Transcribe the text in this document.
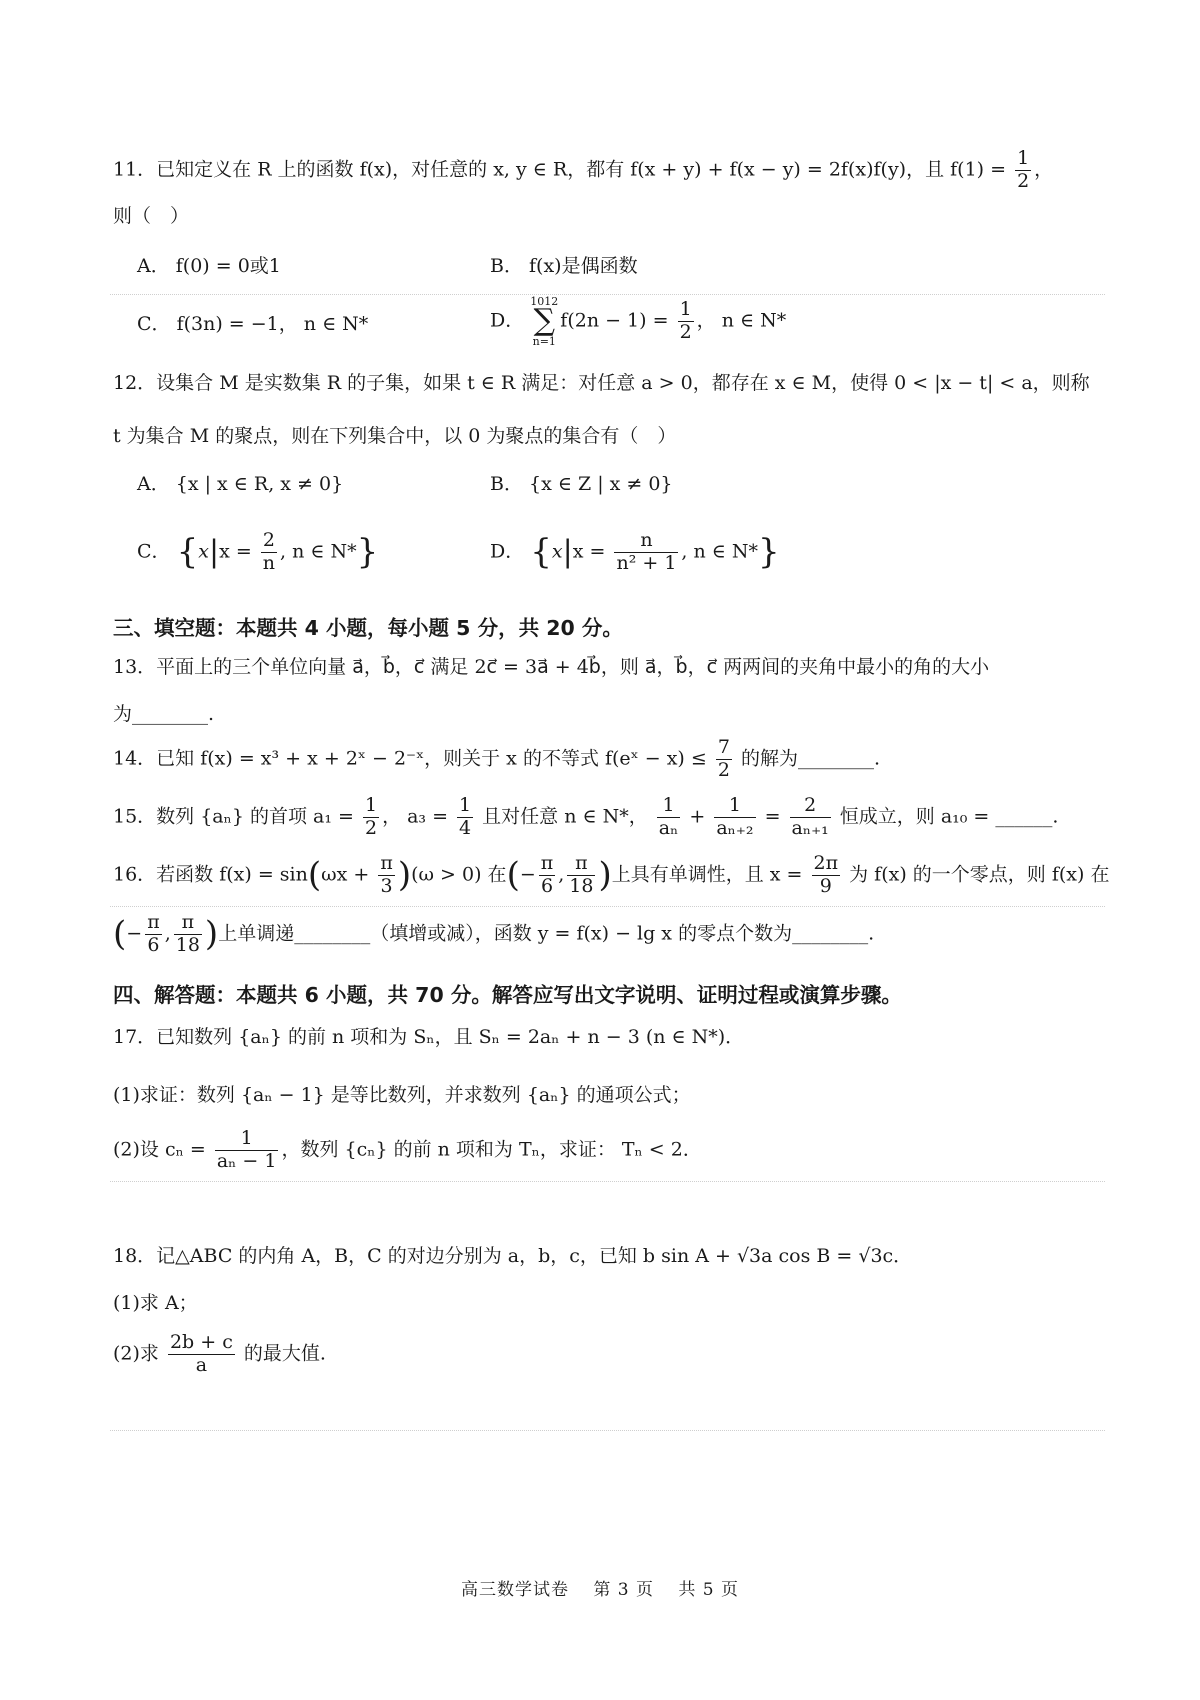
11．已知定义在 R 上的函数 f(x)，对任意的 x, y ∈ R，都有 f(x + y) + f(x − y) = 2f(x)f(y)，且 $f(1) = \frac{1}{2}$ ，
则（　）
A． f(0) = 0或1	B． f(x)是偶函数
C． f(3n) = −1， n ∈ N*	D．
1012
∑
n=1
$f(2n - 1) = \frac{1}{2}$ ， n ∈ N*
12．设集合 M 是实数集 R 的子集，如果 t ∈ R 满足：对任意 a > 0，都存在 x ∈ M，使得 0 < |x − t| < a，则称
t 为集合 M 的聚点，则在下列集合中，以 0 为聚点的集合有（　）
A． {x | x ∈ R, x ≠ 0}	B． {x ∈ Z | x ≠ 0}
C． {$x|x = \frac{2}{n}$ , n ∈ N*}	D． {$x|x = \frac{n}{\text{n² + 1}}$ , n ∈ N*}
三、填空题：本题共 4 小题，每小题 5 分，共 20 分。
13．平面上的三个单位向量 a⃗，b⃗，c⃗ 满足 2c⃗ = 3a⃗ + 4b⃗，则 a⃗，b⃗，c⃗ 两两间的夹角中最小的角的大小
为________.
14．已知 f(x) = x³ + x + 2ˣ − 2⁻ˣ，则关于 x 的不等式 f(eˣ − $x) \le \frac{7}{2}$ 的解为________.
15．数列 {aₙ} 的首项 $a_1 = \frac{1}{2}$ ， $a_3 = \frac{1}{4}$ 且对任意 n ∈ N*， $\frac{1}{\text{aₙ}} + \frac{1}{\text{aₙ₊₂}} = \frac{2}{\text{aₙ₊₁}}$ 恒成立，则 a₁₀ = ______.
16．若函数 $f(x) = \sin(\omega x + \frac{\pi}{3} )(\omega > 0)$ 在(− $\frac{\pi}{6}$ , $\frac{\pi}{18}$ )上具有单调性，且 $x = \frac{2\pi}{9}$ 为 f(x) 的一个零点，则 f(x) 在
(− $\frac{\pi}{6}$ , $\frac{\pi}{18}$ )上单调递________（填增或减），函数 y = f(x) − lg x 的零点个数为________.
四、解答题：本题共 6 小题，共 70 分。解答应写出文字说明、证明过程或演算步骤。
17．已知数列 {aₙ} 的前 n 项和为 Sₙ，且 Sₙ = 2aₙ + n − 3 (n ∈ N*)．
(1)求证：数列 {aₙ − 1} 是等比数列，并求数列 {aₙ} 的通项公式；
(2)设 $c_n = \frac{1}{\text{aₙ − 1}}$ ，数列 {cₙ} 的前 n 项和为 Tₙ，求证： Tₙ < 2．
18．记△ABC 的内角 A，B，C 的对边分别为 a，b，c，已知 b sin A + √3a cos B = √3c．
(1)求 A；
(2)求 $\frac{2b + c}{a}$ 的最大值.
高三数学试卷　 第 3 页　 共 5 页
